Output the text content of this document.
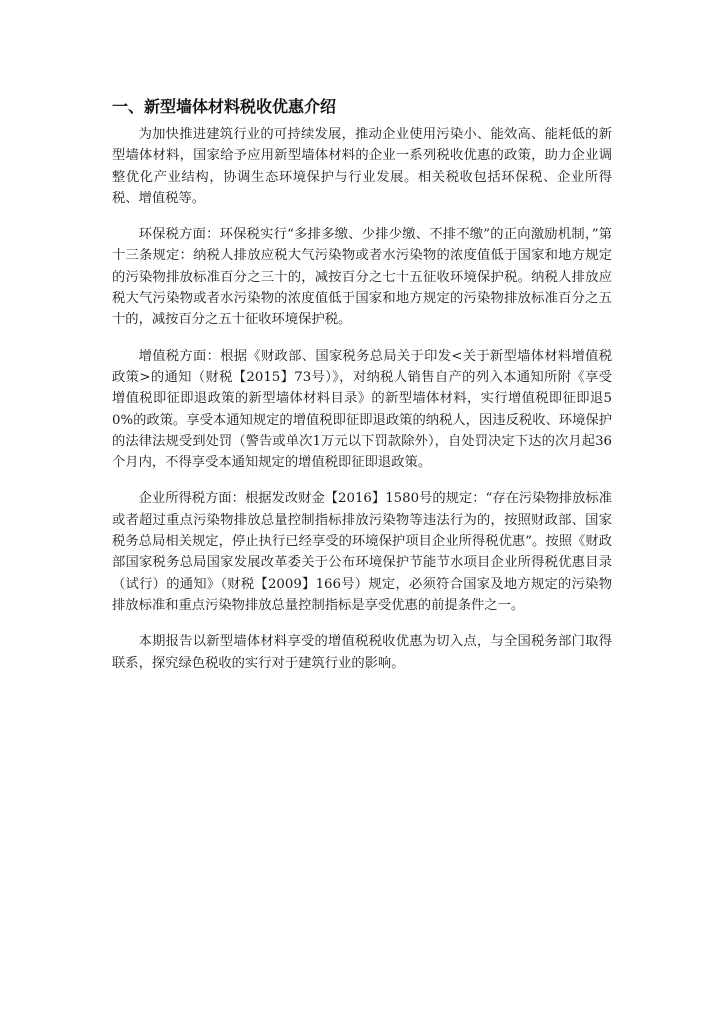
一、新型墙体材料税收优惠介绍

为加快推进建筑行业的可持续发展，推动企业使用污染小、能效高、能耗低的新型墙体材料，国家给予应用新型墙体材料的企业一系列税收优惠的政策，助力企业调整优化产业结构，协调生态环境保护与行业发展。相关税收包括环保税、企业所得税、增值税等。

环保税方面：环保税实行“多排多缴、少排少缴、不排不缴”的正向激励机制，”第十三条规定：纳税人排放应税大气污染物或者水污染物的浓度值低于国家和地方规定的污染物排放标准百分之三十的，减按百分之七十五征收环境保护税。纳税人排放应税大气污染物或者水污染物的浓度值低于国家和地方规定的污染物排放标准百分之五十的，减按百分之五十征收环境保护税。

增值税方面：根据《财政部、国家税务总局关于印发<关于新型墙体材料增值税政策>的通知（财税【2015】73号）》，对纳税人销售自产的列入本通知所附《享受增值税即征即退政策的新型墙体材料目录》的新型墙体材料，实行增值税即征即退50%的政策。享受本通知规定的增值税即征即退政策的纳税人，因违反税收、环境保护的法律法规受到处罚（警告或单次1万元以下罚款除外），自处罚决定下达的次月起36个月内，不得享受本通知规定的增值税即征即退政策。

企业所得税方面：根据发改财金【2016】1580号的规定：“存在污染物排放标准或者超过重点污染物排放总量控制指标排放污染物等违法行为的，按照财政部、国家税务总局相关规定，停止执行已经享受的环境保护项目企业所得税优惠”。按照《财政部国家税务总局国家发展改革委关于公布环境保护节能节水项目企业所得税优惠目录（试行）的通知》（财税【2009】166号）规定，必须符合国家及地方规定的污染物排放标准和重点污染物排放总量控制指标是享受优惠的前提条件之一。

本期报告以新型墙体材料享受的增值税税收优惠为切入点，与全国税务部门取得联系，探究绿色税收的实行对于建筑行业的影响。
